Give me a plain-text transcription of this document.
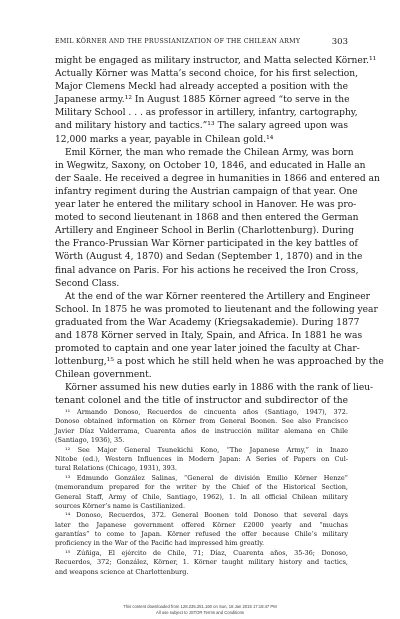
EMIL KÖRNER AND THE PRUSSIANIZATION OF THE CHILEAN ARMY	303
might be engaged as military instructor, and Matta selected Körner.¹¹
Actually Körner was Matta’s second choice, for his first selection,
Major Clemens Meckl had already accepted a position with the
Japanese army.¹² In August 1885 Körner agreed “to serve in the
Military School . . . as professor in artillery, infantry, cartography,
and military history and tactics.”¹³ The salary agreed upon was
12,000 marks a year, payable in Chilean gold.¹⁴
Emil Körner, the man who remade the Chilean Army, was born
in Wegwitz, Saxony, on October 10, 1846, and educated in Halle an
der Saale. He received a degree in humanities in 1866 and entered an
infantry regiment during the Austrian campaign of that year. One
year later he entered the military school in Hanover. He was pro-
moted to second lieutenant in 1868 and then entered the German
Artillery and Engineer School in Berlin (Charlottenburg). During
the Franco-Prussian War Körner participated in the key battles of
Wörth (August 4, 1870) and Sedan (September 1, 1870) and in the
final advance on Paris. For his actions he received the Iron Cross,
Second Class.
At the end of the war Körner reentered the Artillery and Engineer
School. In 1875 he was promoted to lieutenant and the following year
graduated from the War Academy (Kriegsakademie). During 1877
and 1878 Körner served in Italy, Spain, and Africa. In 1881 he was
promoted to captain and one year later joined the faculty at Char-
lottenburg,¹⁵ a post which he still held when he was approached by the
Chilean government.
Körner assumed his new duties early in 1886 with the rank of lieu-
tenant colonel and the title of instructor and subdirector of the
¹¹ Armando Donoso, Recuerdos de cincuenta años (Santiago, 1947), 372.
Donoso obtained information on Körner from General Boonen. See also Francisco
Javier Díaz Valderrama, Cuarenta años de instrucción militar alemana en Chile
(Santiago, 1936), 35.
¹² See Major General Tsunekichi Kono, “The Japanese Army,” in Inazo
Nitobe (ed.), Western Influences in Modern Japan: A Series of Papers on Cul-
tural Relations (Chicago, 1931), 393.
¹³ Edmundo González Salinas, “General de división Emilio Körner Henze”
(memorandum prepared for the writer by the Chief of the Historical Section,
General Staff, Army of Chile, Santiago, 1962), 1. In all official Chilean military
sources Körner’s name is Castilianized.
¹⁴ Donoso, Recuerdos, 372. General Boonen told Donoso that several days
later the Japanese government offered Körner £2000 yearly and “muchas
garantías” to come to Japan. Körner refused the offer because Chile’s military
proficiency in the War of the Pacific had impressed him greatly.
¹⁵ Zúñiga, El ejército de Chile, 71; Díaz, Cuarenta años, 35-36; Donoso,
Recuerdos, 372; González, Körner, 1. Körner taught military history and tactics,
and weapons science at Charlottenburg.
This content downloaded from 128.235.251.160 on Sun, 18 Jan 2015 17:18:47 PM
All use subject to JSTOR Terms and Conditions
